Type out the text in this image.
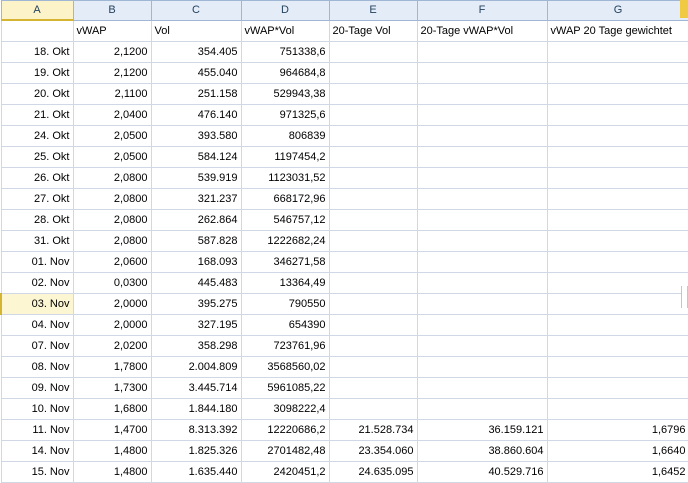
A	B	C	D	E	F	G
	vWAP	Vol	vWAP*Vol	20-Tage Vol	20-Tage vWAP*Vol	vWAP 20 Tage gewichtet
18. Okt	2,1200	354.405	751338,6			
19. Okt	2,1200	455.040	964684,8			
20. Okt	2,1100	251.158	529943,38			
21. Okt	2,0400	476.140	971325,6			
24. Okt	2,0500	393.580	806839			
25. Okt	2,0500	584.124	1197454,2			
26. Okt	2,0800	539.919	1123031,52			
27. Okt	2,0800	321.237	668172,96			
28. Okt	2,0800	262.864	546757,12			
31. Okt	2,0800	587.828	1222682,24			
01. Nov	2,0600	168.093	346271,58			
02. Nov	0,0300	445.483	13364,49			
03. Nov	2,0000	395.275	790550			
04. Nov	2,0000	327.195	654390			
07. Nov	2,0200	358.298	723761,96			
08. Nov	1,7800	2.004.809	3568560,02			
09. Nov	1,7300	3.445.714	5961085,22			
10. Nov	1,6800	1.844.180	3098222,4			
11. Nov	1,4700	8.313.392	12220686,2	21.528.734	36.159.121	1,6796
14. Nov	1,4800	1.825.326	2701482,48	23.354.060	38.860.604	1,6640
15. Nov	1,4800	1.635.440	2420451,2	24.635.095	40.529.716	1,6452
